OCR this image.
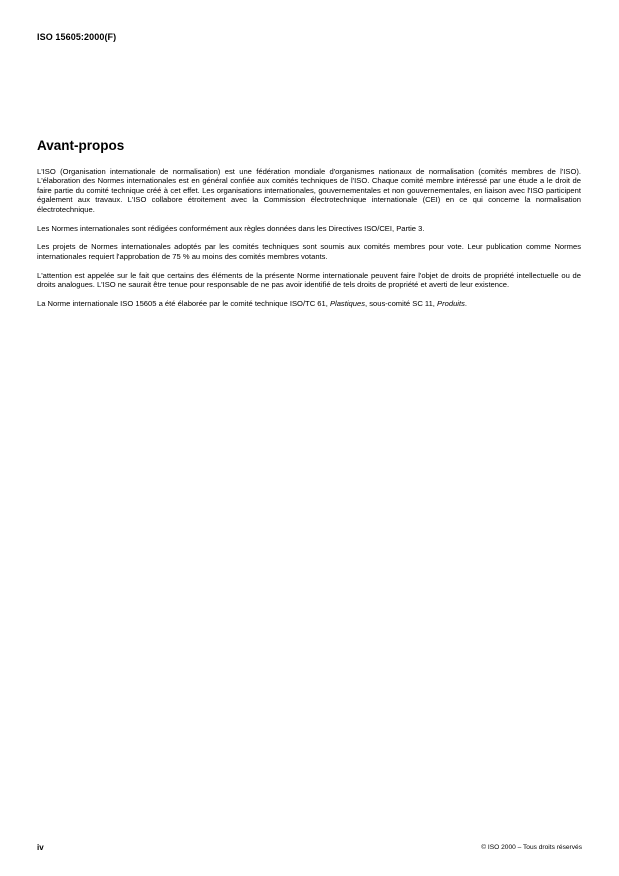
ISO 15605:2000(F)
Avant-propos

L'ISO (Organisation internationale de normalisation) est une fédération mondiale d'organismes nationaux de normalisation (comités membres de l'ISO). L'élaboration des Normes internationales est en général confiée aux comités techniques de l'ISO. Chaque comité membre intéressé par une étude a le droit de faire partie du comité technique créé à cet effet. Les organisations internationales, gouvernementales et non gouvernementales, en liaison avec l'ISO participent également aux travaux. L'ISO collabore étroitement avec la Commission électrotechnique internationale (CEI) en ce qui concerne la normalisation électrotechnique.

Les Normes internationales sont rédigées conformément aux règles données dans les Directives ISO/CEI, Partie 3.

Les projets de Normes internationales adoptés par les comités techniques sont soumis aux comités membres pour vote. Leur publication comme Normes internationales requiert l'approbation de 75 % au moins des comités membres votants.

L'attention est appelée sur le fait que certains des éléments de la présente Norme internationale peuvent faire l'objet de droits de propriété intellectuelle ou de droits analogues. L'ISO ne saurait être tenue pour responsable de ne pas avoir identifié de tels droits de propriété et averti de leur existence.

La Norme internationale ISO 15605 a été élaborée par le comité technique ISO/TC 61, Plastiques, sous-comité SC 11, Produits.

iv	© ISO 2000 – Tous droits réservés
